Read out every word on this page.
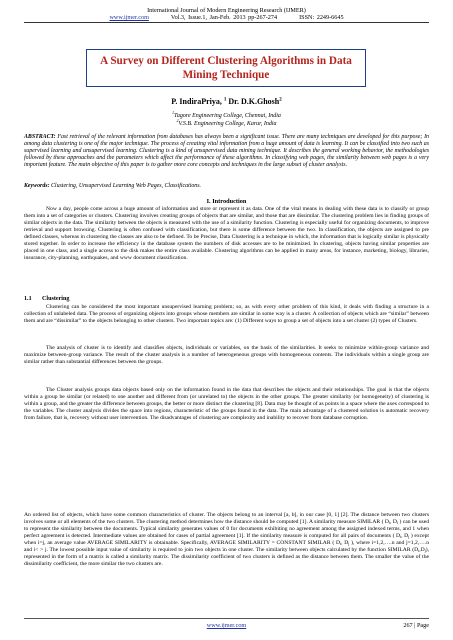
International Journal of Modern Engineering Research (IJMER)
www.ijmer.com	Vol.3, Issue.1, Jan-Feb. 2013 pp-267-274	ISSN: 2249-6645
A Survey on Different Clustering Algorithms in Data
Mining Technique
P. IndiraPriya, $^1$ Dr. D.K.Ghosh$^2$
$^1$Tagore Engineering College, Chennai, India
$^2$V.S.B. Engineering College, Karur, India
ABSTRACT: Fast retrieval of the relevant information from databases has always been a significant issue. There are many techniques are developed for this purpose; In among data clustering is one of the major technique. The process of creating vital information from a huge amount of data is learning. It can be classified into two such as supervised learning and unsupervised learning. Clustering is a kind of unsupervised data mining technique. It describes the general working behavior, the methodologies followed by these approaches and the parameters which affect the performance of these algorithms. In classifying web pages, the similarity between web pages is a very important feature. The main objective of this paper is to gather more core concepts and techniques in the large subset of cluster analysis.
Keywords: Clustering, Unsupervised Learning Web Pages, Classifications.
I. Introduction
Now a day, people come across a huge amount of information and store or represent it as data. One of the vital means in dealing with these data is to classify or group them into a set of categories or clusters. Clustering involves creating groups of objects that are similar, and those that are dissimilar. The clustering problem lies in finding groups of similar objects in the data. The similarity between the objects is measured with the use of a similarity function. Clustering is especially useful for organizing documents, to improve retrieval and support browsing. Clustering is often confused with classification, but there is some difference between the two. In classification, the objects are assigned to pre defined classes, whereas in clustering the classes are also to be defined. To be Precise, Data Clustering is a technique in which, the information that is logically similar is physically stored together. In order to increase the efficiency in the database system the numbers of disk accesses are to be minimized. In clustering, objects having similar properties are placed in one class, and a single access to the disk makes the entire class available. Clustering algorithms can be applied in many areas, for instance, marketing, biology, libraries, insurance, city-planning, earthquakes, and www document classification.
1.1 Clustering
Clustering can be considered the most important unsupervised learning problem; so, as with every other problem of this kind, it deals with finding a structure in a collection of unlabeled data. The process of organizing objects into groups whose members are similar in some way is a cluster. A collection of objects which are “similar” between them and are “dissimilar” to the objects belonging to other clusters. Two important topics are: (1) Different ways to group a set of objects into a set cluster (2) types of Clusters.
The analysis of cluster is to identify and classifies objects, individuals or variables, on the basis of the similarities. It seeks to minimize within-group variance and maximize between-group variance. The result of the cluster analysis is a number of heterogeneous groups with homogeneous contents. The individuals within a single group are similar rather than substantial differences between the groups.
The Cluster analysis groups data objects based only on the information found in the data that describes the objects and their relationships. The goal is that the objects within a group be similar (or related) to one another and different from (or unrelated to) the objects in the other groups. The greater similarity (or homogeneity) of clustering is within a group, and the greater the difference between groups, the better or more distinct the clustering [8]. Data may be thought of as points in a space where the axes correspond to the variables. The cluster analysis divides the space into regions, characteristic of the groups found in the data. The main advantage of a clustered solution is automatic recovery from failure, that is, recovery without user intervention. The disadvantages of clustering are complexity and inability to recover from database corruption.
An ordered list of objects, which have some common characteristics of cluster. The objects belong to an interval [a, b], in our case [0, 1] [2]. The distance between two clusters involves some or all elements of the two clusters. The clustering method determines how the distance should be computed [1]. A similarity measure SIMILAR ( $D_i$, $D_i$ ) can be used to represent the similarity between the documents. Typical similarity generates values of 0 for documents exhibiting no agreement among the assigned indexed terms, and 1 when perfect agreement is detected. Intermediate values are obtained for cases of partial agreement [1]. If the similarity measure is computed for all pairs of documents ( $D_i$, $D_j$ ) except when i=j, an average value AVERAGE SIMILARITY is obtainable. Specifically, AVERAGE SIMILARITY = CONSTANT SIMILAR ( $D_i$, $D_j$ ), where i=1,2,….n and j=1,2,….n and i< > j. The lowest possible input value of similarity is required to join two objects in one cluster. The similarity between objects calculated by the function SIMILAR $(D_i,D_j)$, represented in the form of a matrix is called a similarity matrix. The dissimilarity coefficient of two clusters is defined as the distance between them. The smaller the value of the dissimilarity coefficient, the more similar the two clusters are.
www.ijmer.com	267 | Page
